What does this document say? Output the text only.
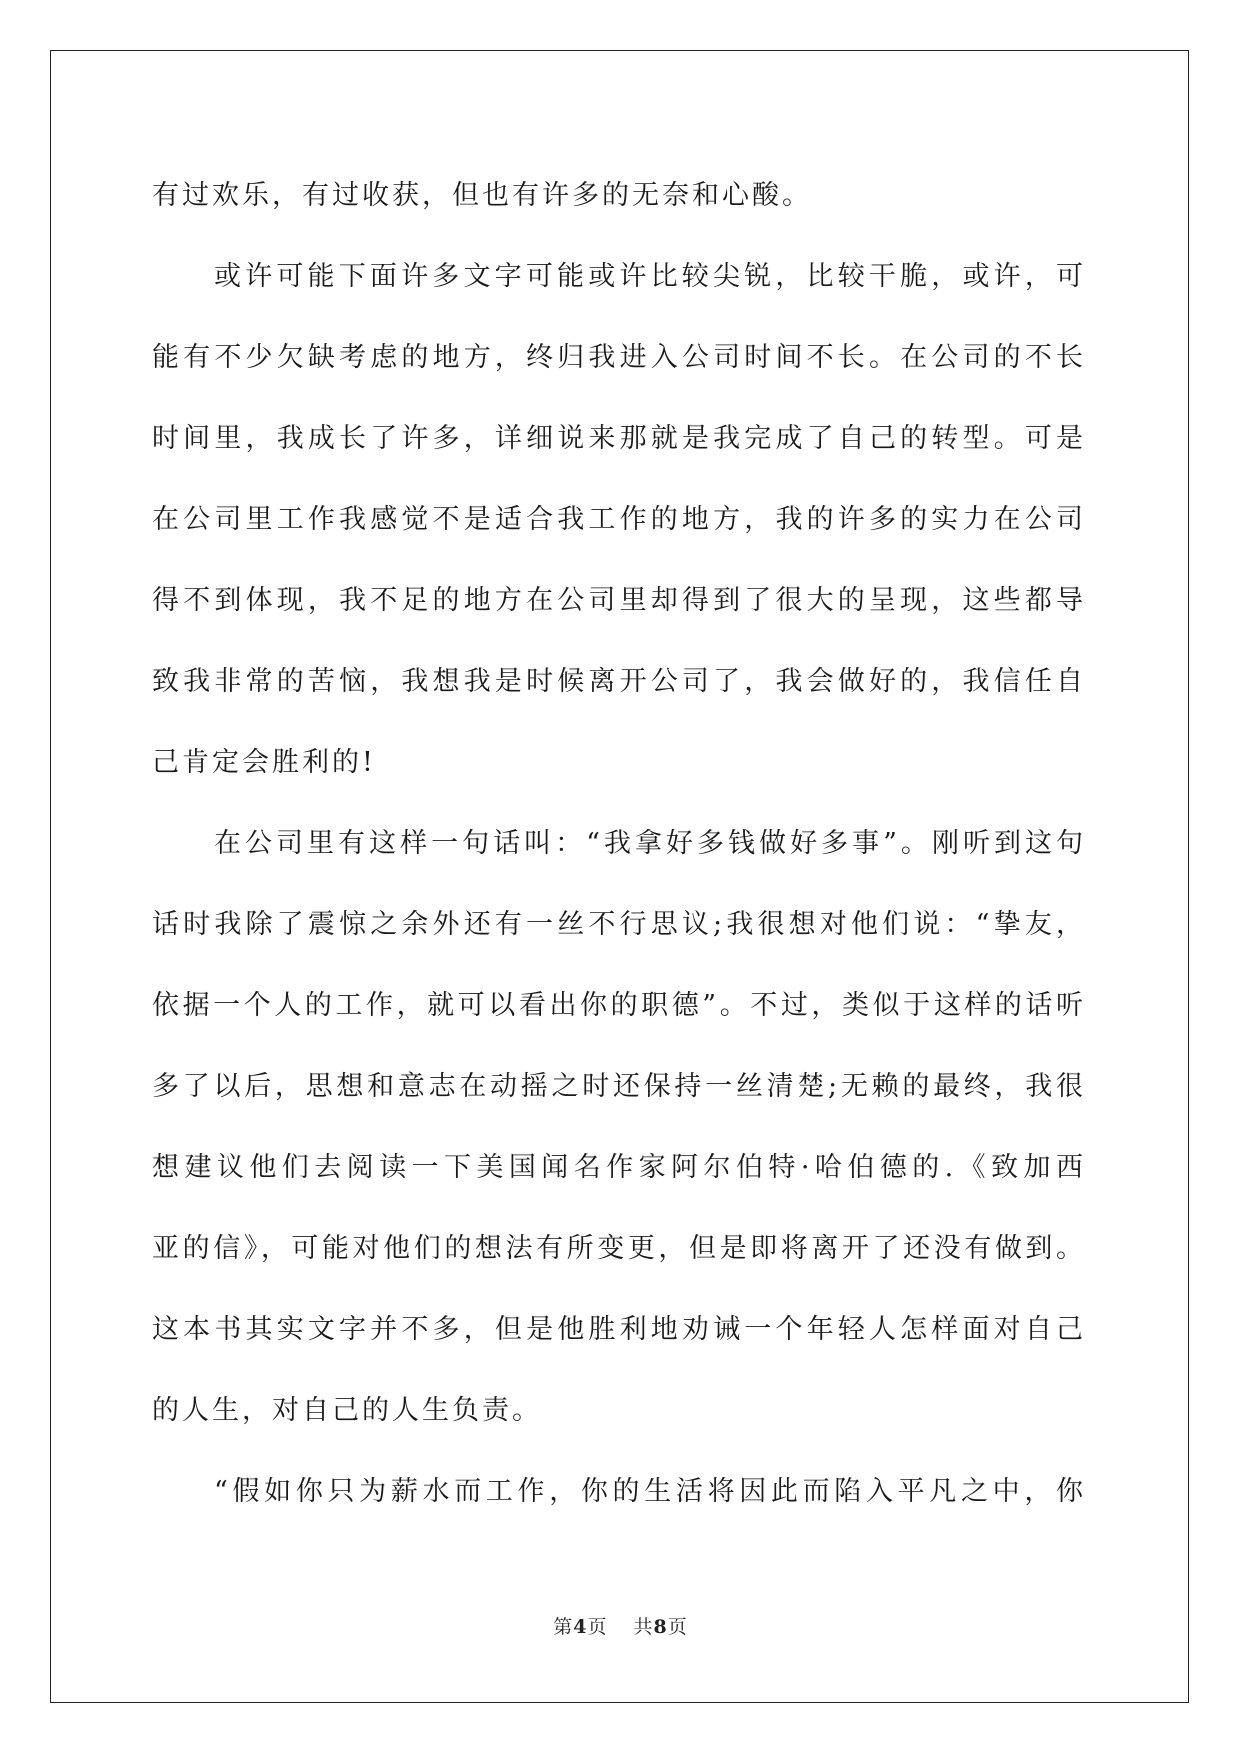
有过欢乐，有过收获，但也有许多的无奈和心酸。
或许可能下面许多文字可能或许比较尖锐，比较干脆，或许，可
能有不少欠缺考虑的地方，终归我进入公司时间不长。在公司的不长
时间里，我成长了许多，详细说来那就是我完成了自己的转型。可是
在公司里工作我感觉不是适合我工作的地方，我的许多的实力在公司
得不到体现，我不足的地方在公司里却得到了很大的呈现，这些都导
致我非常的苦恼，我想我是时候离开公司了，我会做好的，我信任自
己肯定会胜利的!
在公司里有这样一句话叫：“我拿好多钱做好多事”。刚听到这句
话时我除了震惊之余外还有一丝不行思议;我很想对他们说：“挚友，
依据一个人的工作，就可以看出你的职德”。不过，类似于这样的话听
多了以后，思想和意志在动摇之时还保持一丝清楚;无赖的最终，我很
想建议他们去阅读一下美国闻名作家阿尔伯特·哈伯德的.《致加西
亚的信》，可能对他们的想法有所变更，但是即将离开了还没有做到。
这本书其实文字并不多，但是他胜利地劝诫一个年轻人怎样面对自己
的人生，对自己的人生负责。
“假如你只为薪水而工作，你的生活将因此而陷入平凡之中，你
第4页 共8页
